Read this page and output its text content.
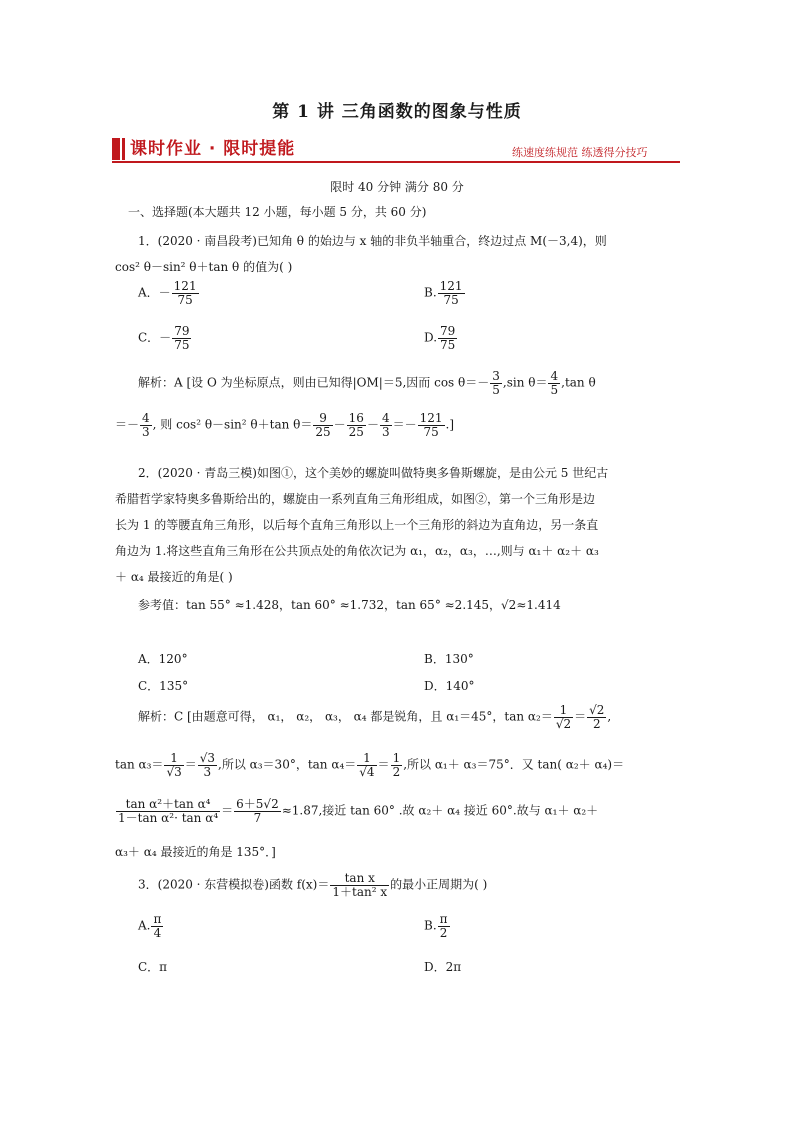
第 1 讲 三角函数的图象与性质
课时作业 · 限时提能	练速度练规范 练透得分技巧
限时 40 分钟 满分 80 分
一、选择题(本大题共 12 小题，每小题 5 分，共 60 分)
1．(2020 · 南昌段考)已知角 θ 的始边与 x 轴的非负半轴重合，终边过点 M(－3,4)，则
cos² θ－sin² θ＋tan θ 的值为( )
A．－ $\frac{121}{75}$	B. $\frac{121}{75}$
C．－ $\frac{79}{75}$	D. $\frac{79}{75}$
解析：A [设 O 为坐标原点，则由已知得|OM|＝5,因而 $\cos \theta=- \frac{3}{5} ,\sin$ $\theta= \frac{4}{5} ,\tan$ θ
＝－ $\frac{4}{3}$ , 则 cos² θ－sin² θ＋tan $\theta= \frac{9}{25} - \frac{16}{25} - \frac{4}{3} =- \frac{121}{75}$ .]
2．(2020 · 青岛三模)如图①，这个美妙的螺旋叫做特奥多鲁斯螺旋，是由公元 5 世纪古
希腊哲学家特奥多鲁斯给出的，螺旋由一系列直角三角形组成，如图②，第一个三角形是边
长为 1 的等腰直角三角形，以后每个直角三角形以上一个三角形的斜边为直角边，另一条直
角边为 1.将这些直角三角形在公共顶点处的角依次记为 α₁，α₂，α₃，…,则与 α₁＋ α₂＋ α₃
＋ α₄ 最接近的角是( )
参考值：tan 55° ≈1.428，tan 60° ≈1.732，tan 65° ≈2.145，√2≈1.414
A．120°	B．130°
C．135°	D．140°
解析：C [由题意可得， α₁， α₂， α₃， α₄ 都是锐角，且 α₁＝45°，$\tan \alpha_2= \frac{1}{√2} = \frac{√2}{2}$ ,
$\tan \alpha_3= \frac{1}{√3} = \frac{√3}{3}$ ,所以 α₃＝30°，$\tan \alpha_4= \frac{1}{√4} = \frac{1}{2}$ ,所以 α₁＋ α₃＝75°．又 tan( α₂＋ α₄)＝
$\frac{\text{tan α²＋tan α⁴}}{\text{1－tan α²· tan α⁴}} = \frac{6+5√2}{7} \approx 1.87$,接近 tan 60° .故 α₂＋ α₄ 接近 60°.故与 α₁＋ α₂＋
α₃＋ α₄ 最接近的角是 135°．]
3．(2020 · 东营模拟卷)函数 $f(x)= \frac{\text{tan x}}{\text{1＋tan² x}}$ 的最小正周期为( )
A. $\frac{\pi}{4}$	B. $\frac{\pi}{2}$
C．π	D．2π
